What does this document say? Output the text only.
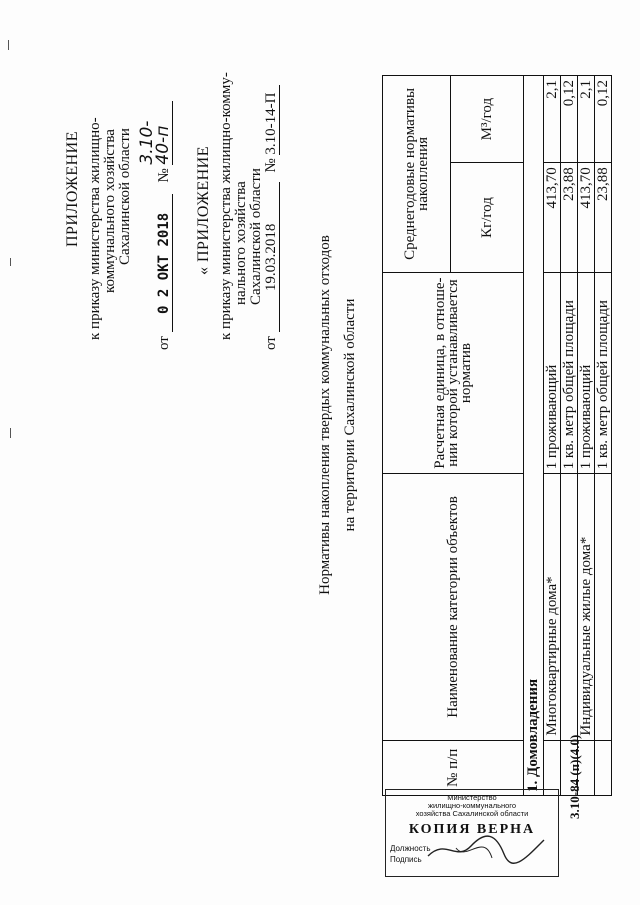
ПРИЛОЖЕНИЕ к приказу министерства жилищно- коммунального хозяйства Сахалинской области
от 0 2 ОКТ 2018 № 3.10-40-п
« ПРИЛОЖЕНИЕ к приказу министерства жилищно-комму- нального хозяйства Сахалинской области
от 19.03.2018 № 3.10-14-П
Нормативы накопления твердых коммунальных отходов на территории Сахалинской области
№ п/п	Наименование категории объектов	Расчетная единица, в отноше-нии которой устанавливается норматив	Среднегодовые нормативы накопления	
			Кг/год	М³/год
1. Домовладения				
	Многоквартирные дома*	1 проживающий	413,70	2,1
		1 кв. метр общей площади	23,88	0,12
	Индивидуальные жилые дома*	1 проживающий	413,70	2,1
		1 кв. метр общей площади	23,88	0,12
3.10-84 (п)(4.0)
Министерство
жилищно-коммунального
хозяйства Сахалинской области
КОПИЯ ВЕРНА
Должность
Подпись
